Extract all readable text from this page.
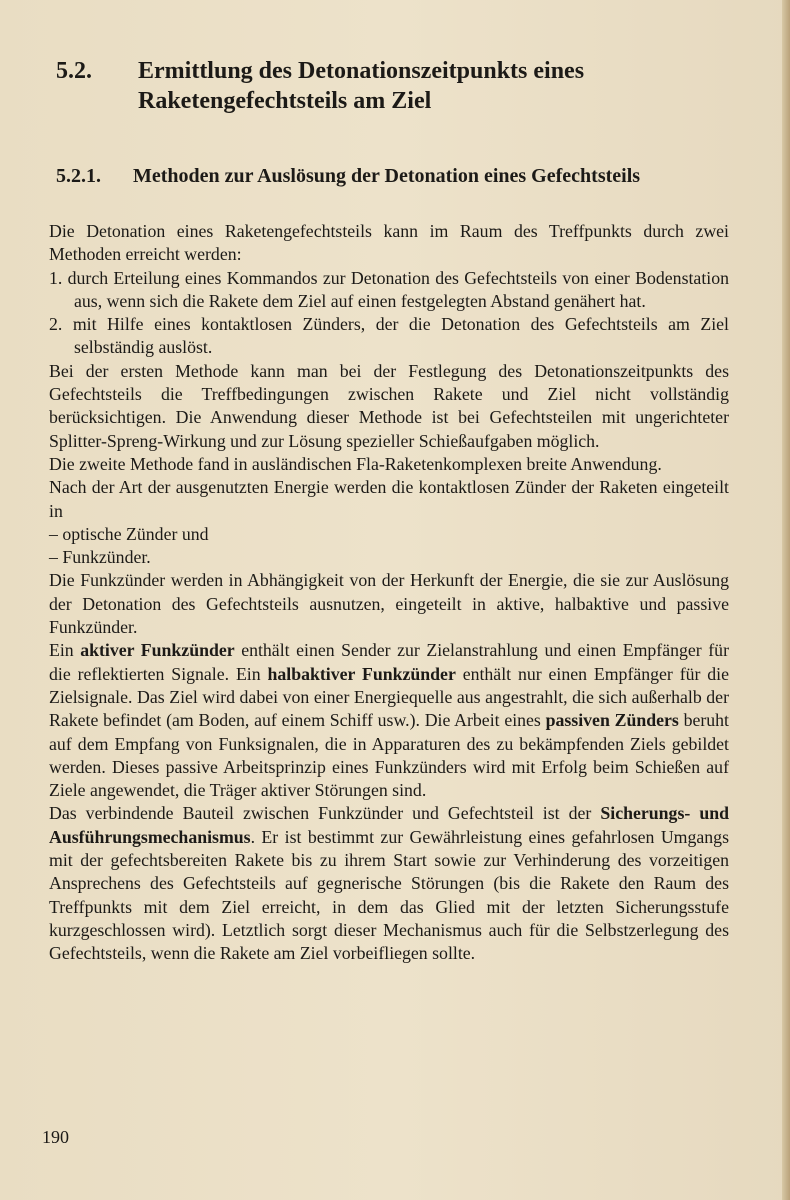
5.2. Ermittlung des Detonationszeitpunkts eines Raketengefechtsteils am Ziel
5.2.1. Methoden zur Auslösung der Detonation eines Gefechtsteils

Die Detonation eines Raketengefechtsteils kann im Raum des Treffpunkts durch zwei Methoden erreicht werden:

1. durch Erteilung eines Kommandos zur Detonation des Gefechtsteils von einer Bodenstation aus, wenn sich die Rakete dem Ziel auf einen festgelegten Abstand genähert hat.

2. mit Hilfe eines kontaktlosen Zünders, der die Detonation des Gefechtsteils am Ziel selbständig auslöst.

Bei der ersten Methode kann man bei der Festlegung des Detonationszeitpunkts des Gefechtsteils die Treffbedingungen zwischen Rakete und Ziel nicht vollständig berücksichtigen. Die Anwendung dieser Methode ist bei Gefechtsteilen mit ungerichteter Splitter-Spreng-Wirkung und zur Lösung spezieller Schießaufgaben möglich.

Die zweite Methode fand in ausländischen Fla-Raketenkomplexen breite Anwendung.

Nach der Art der ausgenutzten Energie werden die kontaktlosen Zünder der Raketen eingeteilt in

– optische Zünder und

– Funkzünder.

Die Funkzünder werden in Abhängigkeit von der Herkunft der Energie, die sie zur Auslösung der Detonation des Gefechtsteils ausnutzen, eingeteilt in aktive, halbaktive und passive Funkzünder.

Ein aktiver Funkzünder enthält einen Sender zur Zielanstrahlung und einen Empfänger für die reflektierten Signale. Ein halbaktiver Funkzünder enthält nur einen Empfänger für die Zielsignale. Das Ziel wird dabei von einer Energiequelle aus angestrahlt, die sich außerhalb der Rakete befindet (am Boden, auf einem Schiff usw.). Die Arbeit eines passiven Zünders beruht auf dem Empfang von Funksignalen, die in Apparaturen des zu bekämpfenden Ziels gebildet werden. Dieses passive Arbeitsprinzip eines Funkzünders wird mit Erfolg beim Schießen auf Ziele angewendet, die Träger aktiver Störungen sind.

Das verbindende Bauteil zwischen Funkzünder und Gefechtsteil ist der Sicherungs- und Ausführungsmechanismus. Er ist bestimmt zur Gewährleistung eines gefahrlosen Umgangs mit der gefechtsbereiten Rakete bis zu ihrem Start sowie zur Verhinderung des vorzeitigen Ansprechens des Gefechtsteils auf gegnerische Störungen (bis die Rakete den Raum des Treffpunkts mit dem Ziel erreicht, in dem das Glied mit der letzten Sicherungsstufe kurzgeschlossen wird). Letztlich sorgt dieser Mechanismus auch für die Selbstzerlegung des Gefechtsteils, wenn die Rakete am Ziel vorbeifliegen sollte.

190
